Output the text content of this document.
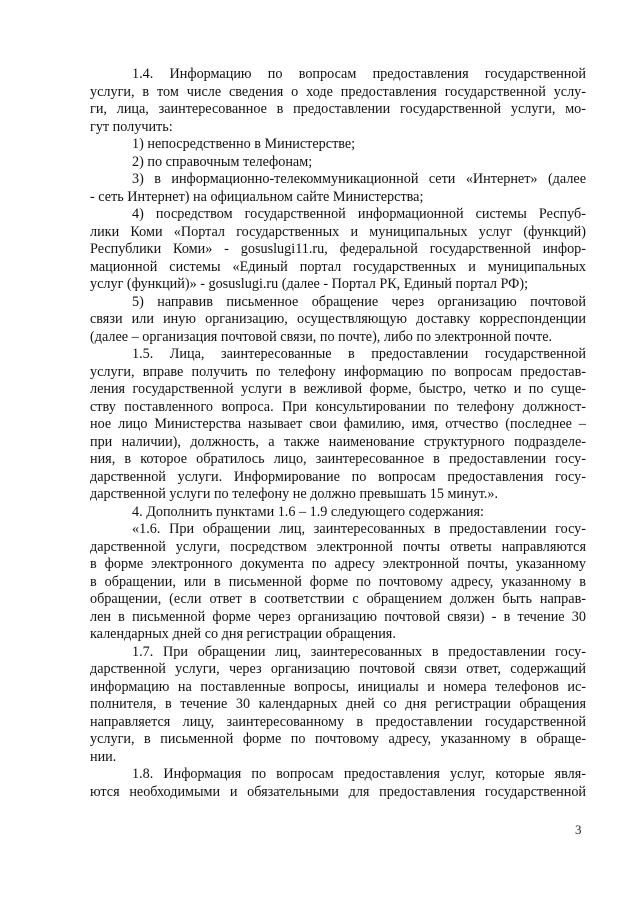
1.4. Информацию по вопросам предоставления государственной
услуги, в том числе сведения о ходе предоставления государственной услу-
ги, лица, заинтересованное в предоставлении государственной услуги, мо-
гут получить:
1) непосредственно в Министерстве;
2) по справочным телефонам;
3) в информационно-телекоммуникационной сети «Интернет» (далее
- сеть Интернет) на официальном сайте Министерства;
4) посредством государственной информационной системы Респуб-
лики Коми «Портал государственных и муниципальных услуг (функций)
Республики Коми» - gosuslugi11.ru, федеральной государственной инфор-
мационной системы «Единый портал государственных и муниципальных
услуг (функций)» - gosuslugi.ru (далее - Портал РК, Единый портал РФ);
5) направив письменное обращение через организацию почтовой
связи или иную организацию, осуществляющую доставку корреспонденции
(далее – организация почтовой связи, по почте), либо по электронной почте.
1.5. Лица, заинтересованные в предоставлении государственной
услуги, вправе получить по телефону информацию по вопросам предостав-
ления государственной услуги в вежливой форме, быстро, четко и по суще-
ству поставленного вопроса. При консультировании по телефону должност-
ное лицо Министерства называет свои фамилию, имя, отчество (последнее –
при наличии), должность, а также наименование структурного подразделе-
ния, в которое обратилось лицо, заинтересованное в предоставлении госу-
дарственной услуги. Информирование по вопросам предоставления госу-
дарственной услуги по телефону не должно превышать 15 минут.».
4. Дополнить пунктами 1.6 – 1.9 следующего содержания:
«1.6. При обращении лиц, заинтересованных в предоставлении госу-
дарственной услуги, посредством электронной почты ответы направляются
в форме электронного документа по адресу электронной почты, указанному
в обращении, или в письменной форме по почтовому адресу, указанному в
обращении, (если ответ в соответствии с обращением должен быть направ-
лен в письменной форме через организацию почтовой связи) - в течение 30
календарных дней со дня регистрации обращения.
1.7. При обращении лиц, заинтересованных в предоставлении госу-
дарственной услуги, через организацию почтовой связи ответ, содержащий
информацию на поставленные вопросы, инициалы и номера телефонов ис-
полнителя, в течение 30 календарных дней со дня регистрации обращения
направляется лицу, заинтересованному в предоставлении государственной
услуги, в письменной форме по почтовому адресу, указанному в обраще-
нии.
1.8. Информация по вопросам предоставления услуг, которые явля-
ются необходимыми и обязательными для предоставления государственной
3
